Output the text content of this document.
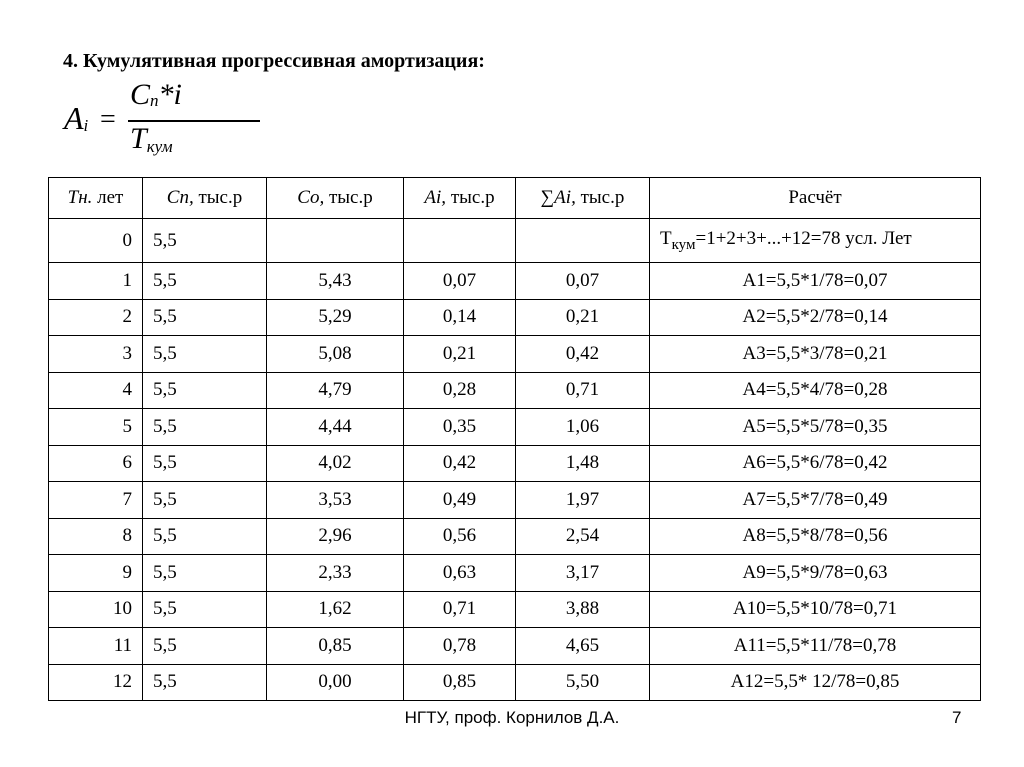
4. Кумулятивная прогрессивная амортизация:
$A_i$ =
$C_n*i$
$T_{кум}$
Tн. лет	Cп, тыс.р	Co, тыс.р	Ai, тыс.р	∑Ai, тыс.р	Расчёт
0	5,5				$Т_{кум}=1+2+3+...+12=78$ усл. Лет
1	5,5	5,43	0,07	0,07	А1=5,5*1/78=0,07
2	5,5	5,29	0,14	0,21	А2=5,5*2/78=0,14
3	5,5	5,08	0,21	0,42	А3=5,5*3/78=0,21
4	5,5	4,79	0,28	0,71	А4=5,5*4/78=0,28
5	5,5	4,44	0,35	1,06	А5=5,5*5/78=0,35
6	5,5	4,02	0,42	1,48	А6=5,5*6/78=0,42
7	5,5	3,53	0,49	1,97	А7=5,5*7/78=0,49
8	5,5	2,96	0,56	2,54	А8=5,5*8/78=0,56
9	5,5	2,33	0,63	3,17	А9=5,5*9/78=0,63
10	5,5	1,62	0,71	3,88	А10=5,5*10/78=0,71
11	5,5	0,85	0,78	4,65	А11=5,5*11/78=0,78
12	5,5	0,00	0,85	5,50	А12=5,5* 12/78=0,85
НГТУ, проф. Корнилов Д.А.	7
